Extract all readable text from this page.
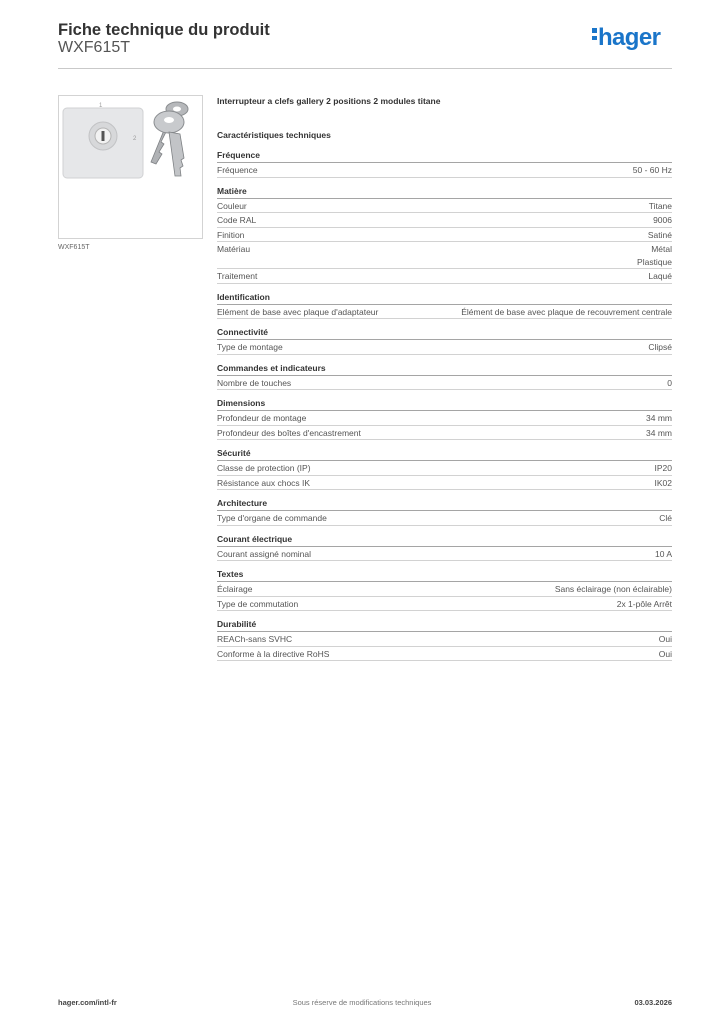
Fiche technique du produit
WXF615T	hager
1
2
WXF615T
Interrupteur a clefs gallery 2 positions 2 modules titane
Caractéristiques techniques
Fréquence
Fréquence	50 - 60 Hz
Matière
Couleur	Titane
Code RAL	9006
Finition	Satiné
Matériau	Métal
Plastique
Traitement	Laqué
Identification
Elément de base avec plaque d'adaptateur	Élément de base avec plaque de recouvrement centrale
Connectivité
Type de montage	Clipsé
Commandes et indicateurs
Nombre de touches	0
Dimensions
Profondeur de montage	34 mm
Profondeur des boîtes d'encastrement	34 mm
Sécurité
Classe de protection (IP)	IP20
Résistance aux chocs IK	IK02
Architecture
Type d'organe de commande	Clé
Courant électrique
Courant assigné nominal	10 A
Textes
Éclairage	Sans éclairage (non éclairable)
Type de commutation	2x 1-pôle Arrêt
Durabilité
REACh-sans SVHC	Oui
Conforme à la directive RoHS	Oui
hager.com/intl-fr	Sous réserve de modifications techniques	03.03.2026
